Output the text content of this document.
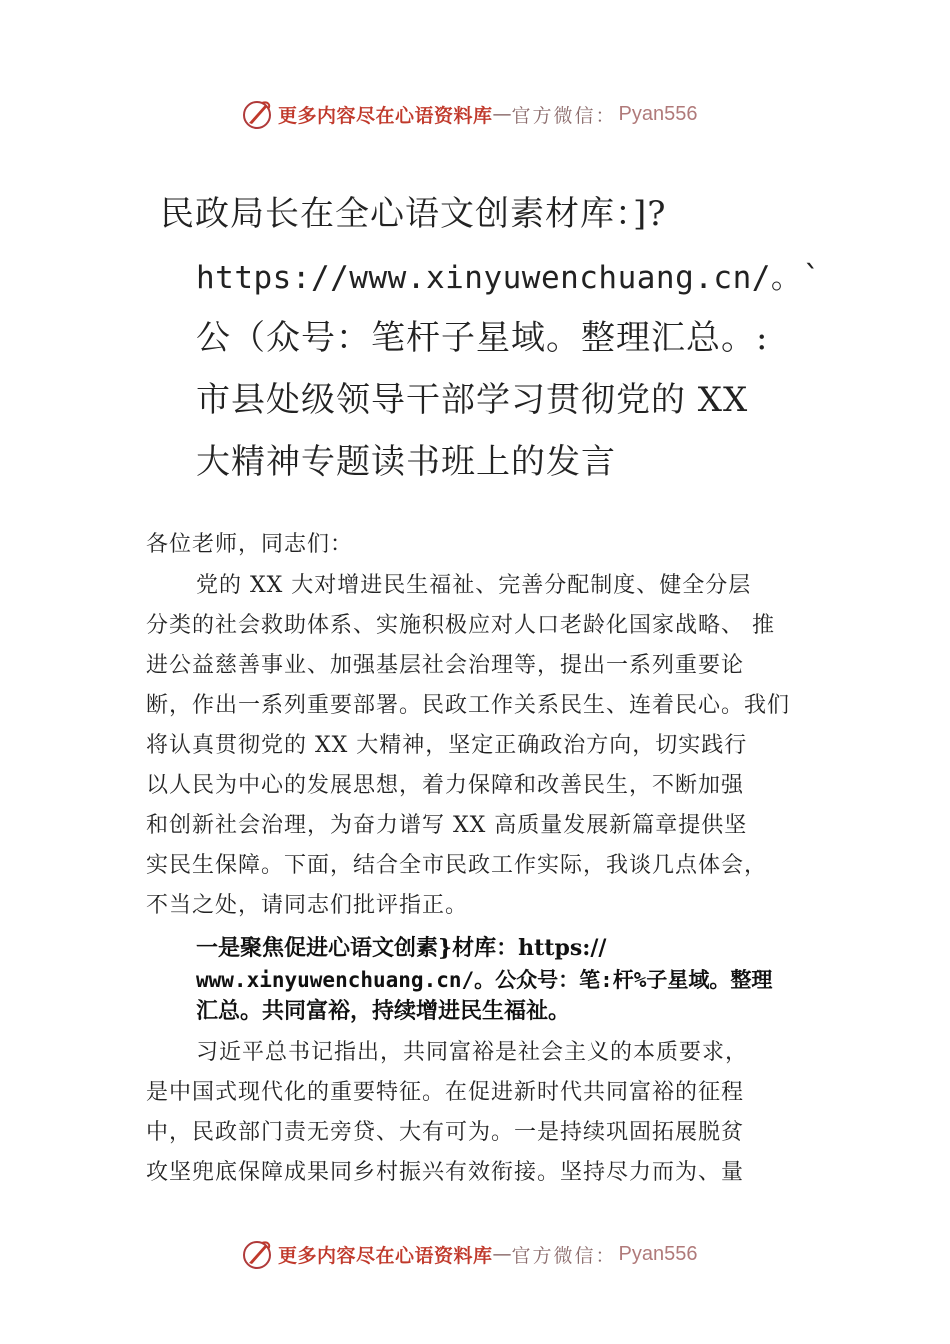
更多内容尽在心语资料库 — 官方微信： Pyan556
民政局长在全心语文创素材库：]?
https://www.xinyuwenchuang.cn/。`
公（众号：笔杆子星域。整理汇总。:
市县处级领导干部学习贯彻党的 XX
大精神专题读书班上的发言

各位老师，同志们：

党的 XX 大对增进民生福祉、完善分配制度、健全分层

分类的社会救助体系、实施积极应对人口老龄化国家战略、 推

进公益慈善事业、加强基层社会治理等，提出一系列重要论

断，作出一系列重要部署。民政工作关系民生、连着民心。我们

将认真贯彻党的 XX 大精神，坚定正确政治方向，切实践行

以人民为中心的发展思想，着力保障和改善民生，不断加强

和创新社会治理，为奋力谱写 XX 高质量发展新篇章提供坚

实民生保障。下面，结合全市民政工作实际，我谈几点体会，

不当之处，请同志们批评指正。

一是聚焦促进心语文创素}材库：https://

www.xinyuwenchuang.cn/。公众号：笔:杆%子星域。整理

汇总。共同富裕，持续增进民生福祉。

习近平总书记指出，共同富裕是社会主义的本质要求，

是中国式现代化的重要特征。在促进新时代共同富裕的征程

中，民政部门责无旁贷、大有可为。一是持续巩固拓展脱贫

攻坚兜底保障成果同乡村振兴有效衔接。坚持尽力而为、量

更多内容尽在心语资料库 — 官方微信： Pyan556
